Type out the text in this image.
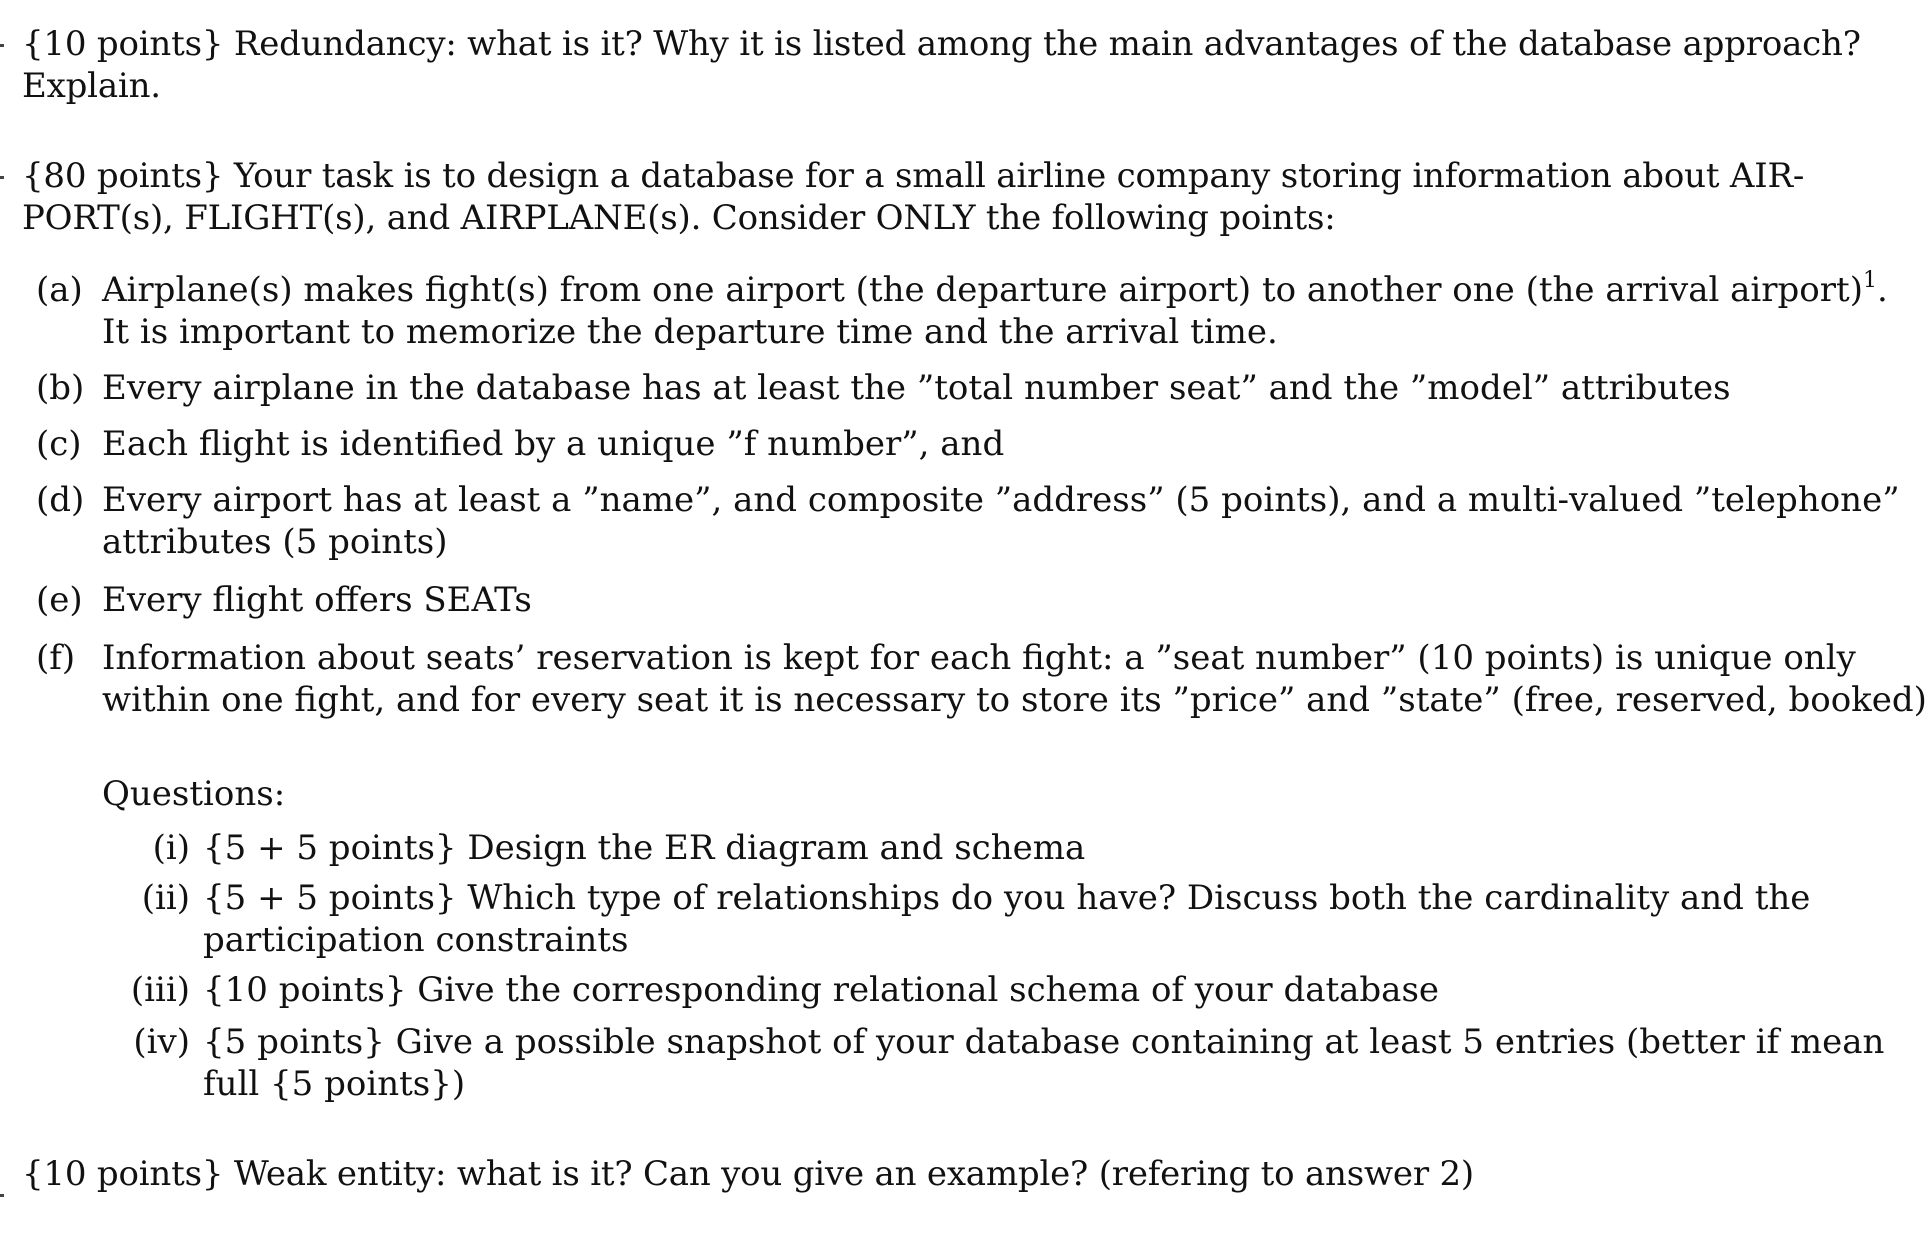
{10 points} Redundancy: what is it? Why it is listed among the main advantages of the database approach?
Explain.
{80 points} Your task is to design a database for a small airline company storing information about AIR-
PORT(s), FLIGHT(s), and AIRPLANE(s). Consider ONLY the following points:
(a) Airplane(s) makes fight(s) from one airport (the departure airport) to another one (the arrival airport)$^1$.
It is important to memorize the departure time and the arrival time.
(b) Every airplane in the database has at least the ”total number seat” and the ”model” attributes
(c) Each flight is identified by a unique ”f number”, and
(d) Every airport has at least a ”name”, and composite ”address” (5 points), and a multi-valued ”telephone”
attributes (5 points)
(e) Every flight offers SEATs
(f) Information about seats’ reservation is kept for each fight: a ”seat number” (10 points) is unique only
within one fight, and for every seat it is necessary to store its ”price” and ”state” (free, reserved, booked)
Questions:
(i) {5 + 5 points} Design the ER diagram and schema
(ii) {5 + 5 points} Which type of relationships do you have? Discuss both the cardinality and the
participation constraints
(iii) {10 points} Give the corresponding relational schema of your database
(iv) {5 points} Give a possible snapshot of your database containing at least 5 entries (better if mean
full {5 points})
{10 points} Weak entity: what is it? Can you give an example? (refering to answer 2)
